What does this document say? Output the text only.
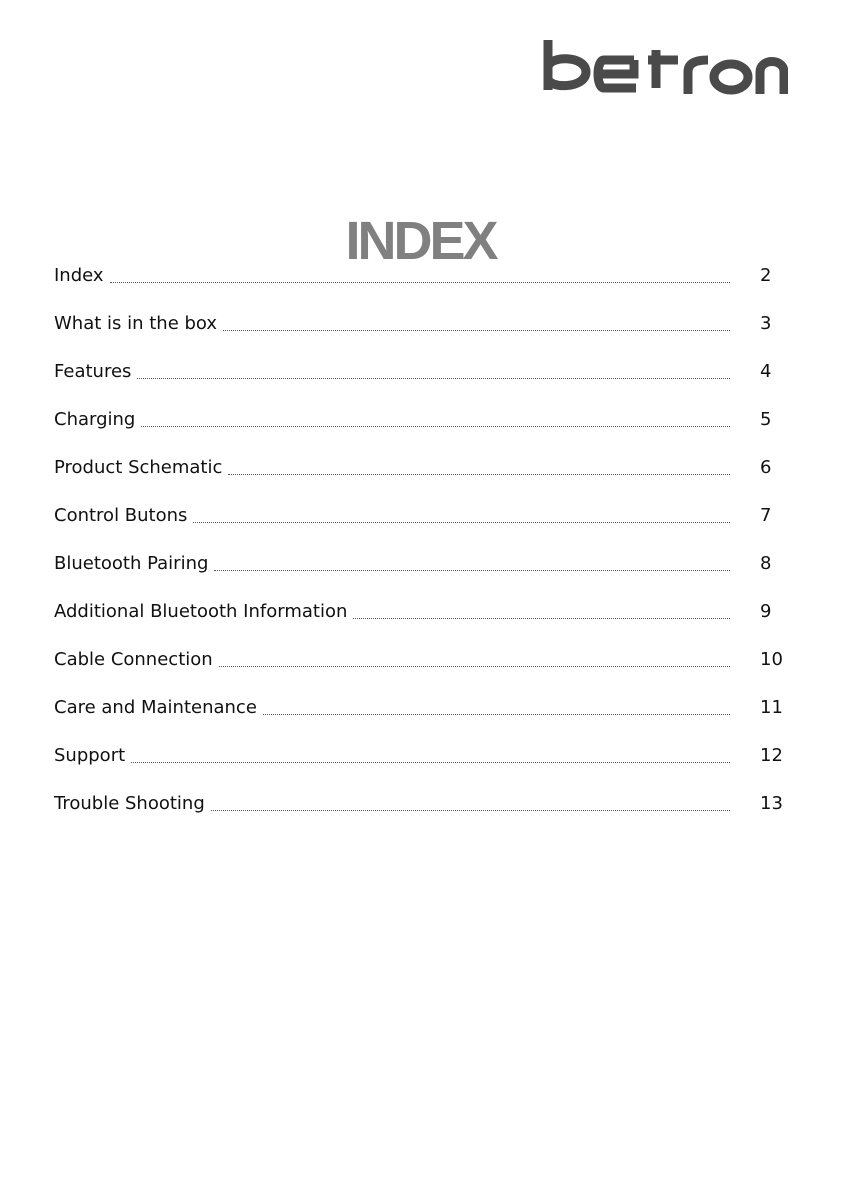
INDEX
Index	2
What is in the box	3
Features	4
Charging	5
Product Schematic	6
Control Butons	7
Bluetooth Pairing	8
Additional Bluetooth Information	9
Cable Connection	10
Care and Maintenance	11
Support	12
Trouble Shooting	13
